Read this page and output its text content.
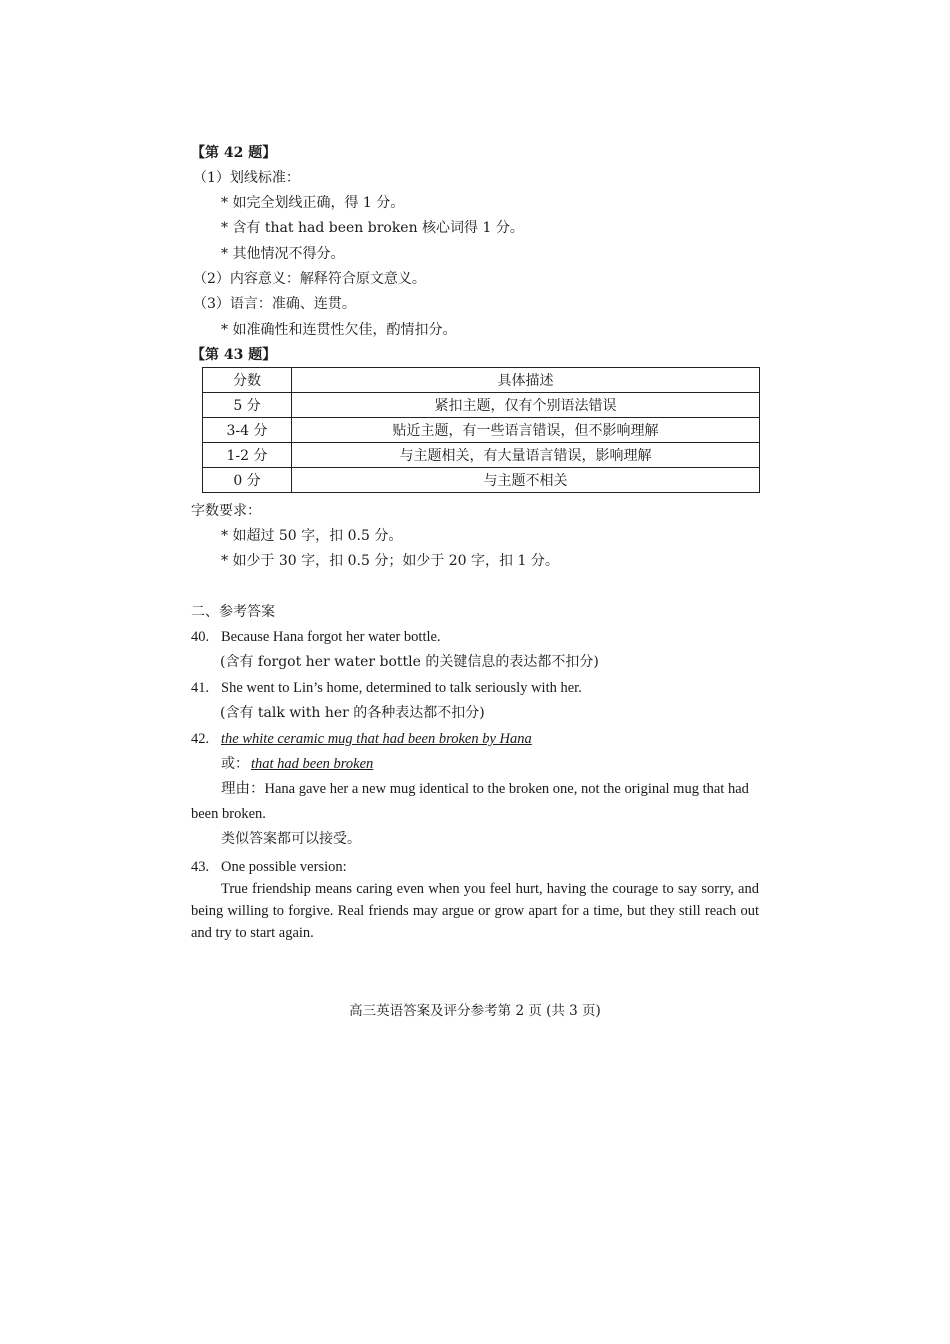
【第 42 题】
（1）划线标准：
* 如完全划线正确，得 1 分。
* 含有 that had been broken 核心词得 1 分。
* 其他情况不得分。
（2）内容意义：解释符合原文意义。
（3）语言：准确、连贯。
* 如准确性和连贯性欠佳，酌情扣分。
【第 43 题】
分数	具体描述
5 分	紧扣主题，仅有个别语法错误
3-4 分	贴近主题，有一些语言错误，但不影响理解
1-2 分	与主题相关，有大量语言错误，影响理解
0 分	与主题不相关
字数要求：
* 如超过 50 字，扣 0.5 分。
* 如少于 30 字，扣 0.5 分；如少于 20 字，扣 1 分。
二、参考答案
40. Because Hana forgot her water bottle.
(含有 forgot her water bottle 的关键信息的表达都不扣分)
41. She went to Lin’s home, determined to talk seriously with her.
(含有 talk with her 的各种表达都不扣分)
42. the white ceramic mug that had been broken by Hana
或： that had been broken
理由：Hana gave her a new mug identical to the broken one, not the original mug that had
been broken.
类似答案都可以接受。
43. One possible version:
True friendship means caring even when you feel hurt, having the courage to say sorry, and being willing to forgive. Real friends may argue or grow apart for a time, but they still reach out and try to start again.
高三英语答案及评分参考第 2 页 (共 3 页)
